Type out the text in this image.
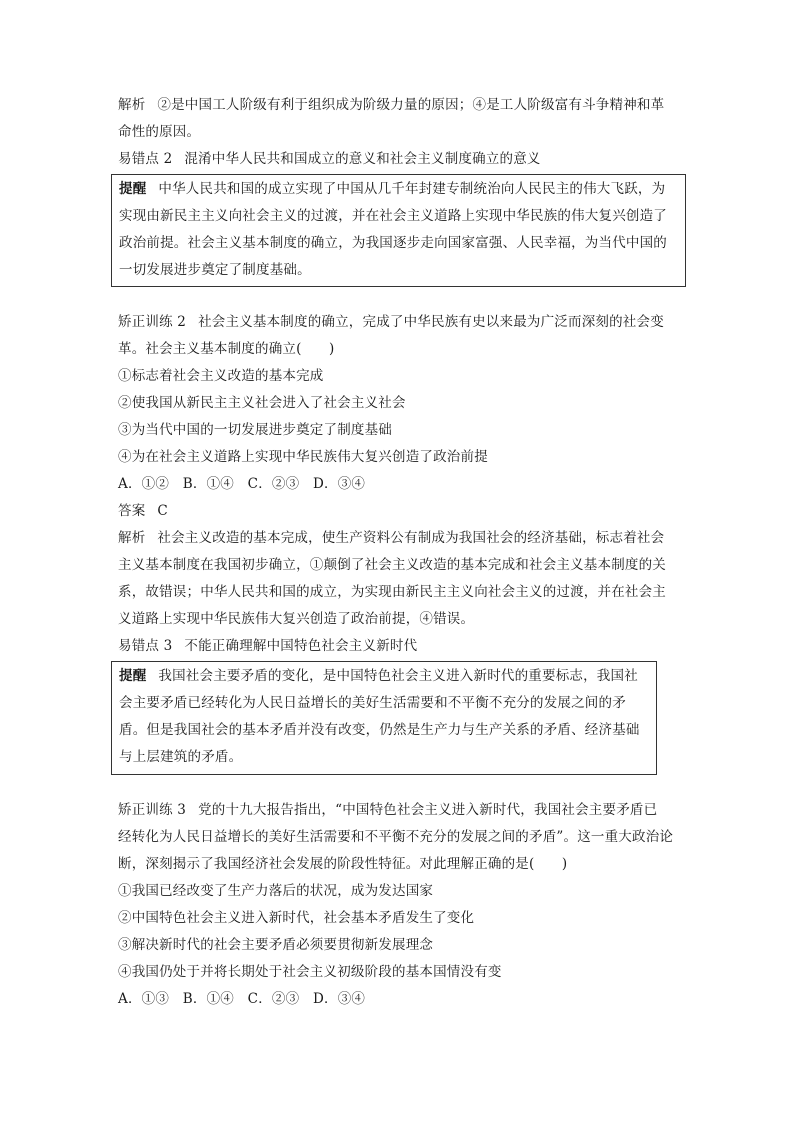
解析 ②是中国工人阶级有利于组织成为阶级力量的原因；④是工人阶级富有斗争精神和革
命性的原因。
易错点 2 混淆中华人民共和国成立的意义和社会主义制度确立的意义
提醒 中华人民共和国的成立实现了中国从几千年封建专制统治向人民民主的伟大飞跃，为
实现由新民主主义向社会主义的过渡，并在社会主义道路上实现中华民族的伟大复兴创造了
政治前提。社会主义基本制度的确立，为我国逐步走向国家富强、人民幸福，为当代中国的
一切发展进步奠定了制度基础。
矫正训练 2 社会主义基本制度的确立，完成了中华民族有史以来最为广泛而深刻的社会变
革。社会主义基本制度的确立(　　)
①标志着社会主义改造的基本完成
②使我国从新民主主义社会进入了社会主义社会
③为当代中国的一切发展进步奠定了制度基础
④为在社会主义道路上实现中华民族伟大复兴创造了政治前提
A．①②　B．①④　C．②③　D．③④
答案 C
解析 社会主义改造的基本完成，使生产资料公有制成为我国社会的经济基础，标志着社会
主义基本制度在我国初步确立，①颠倒了社会主义改造的基本完成和社会主义基本制度的关
系，故错误；中华人民共和国的成立，为实现由新民主主义向社会主义的过渡，并在社会主
义道路上实现中华民族伟大复兴创造了政治前提，④错误。
易错点 3 不能正确理解中国特色社会主义新时代
提醒 我国社会主要矛盾的变化，是中国特色社会主义进入新时代的重要标志，我国社
会主要矛盾已经转化为人民日益增长的美好生活需要和不平衡不充分的发展之间的矛
盾。但是我国社会的基本矛盾并没有改变，仍然是生产力与生产关系的矛盾、经济基础
与上层建筑的矛盾。
矫正训练 3 党的十九大报告指出，“中国特色社会主义进入新时代，我国社会主要矛盾已
经转化为人民日益增长的美好生活需要和不平衡不充分的发展之间的矛盾”。这一重大政治论
断，深刻揭示了我国经济社会发展的阶段性特征。对此理解正确的是(　　)
①我国已经改变了生产力落后的状况，成为发达国家
②中国特色社会主义进入新时代，社会基本矛盾发生了变化
③解决新时代的社会主要矛盾必须要贯彻新发展理念
④我国仍处于并将长期处于社会主义初级阶段的基本国情没有变
A．①③　B．①④　C．②③　D．③④
